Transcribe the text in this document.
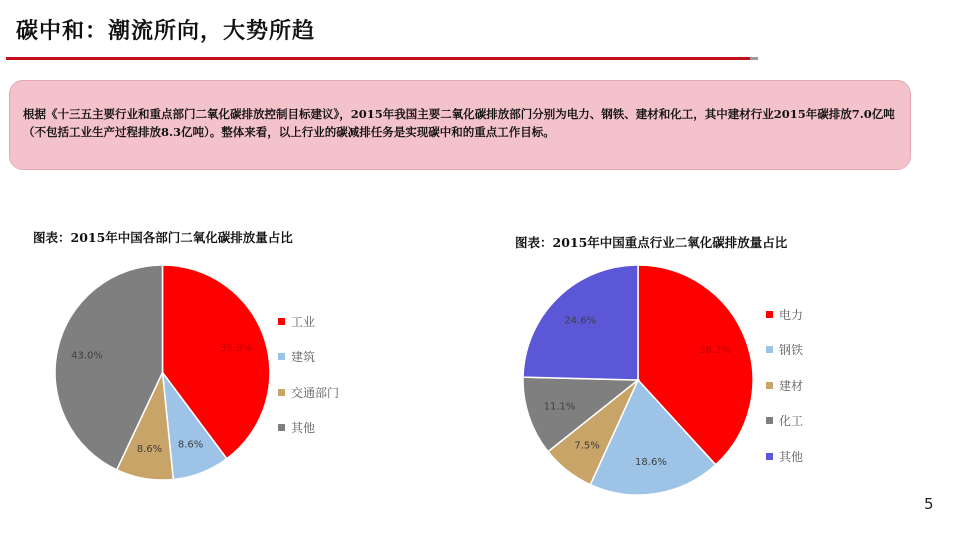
碳中和：潮流所向，大势所趋

根据《十三五主要行业和重点部门二氧化碳排放控制目标建议》，2015年我国主要二氧化碳排放部门分别为电力、钢铁、建材和化工，其中建材行业2015年碳排放7.0亿吨（不包括工业生产过程排放8.3亿吨）。整体来看，以上行业的碳减排任务是实现碳中和的重点工作目标。

图表：2015年中国各部门二氧化碳排放量占比

39.8%
8.6%
8.6%
43.0%
工业
建筑
交通部门
其他

图表：2015年中国重点行业二氧化碳排放量占比

38.2%
18.6%
7.5%
11.1%
24.6%	电力
钢铁
建材
化工
其他
5
